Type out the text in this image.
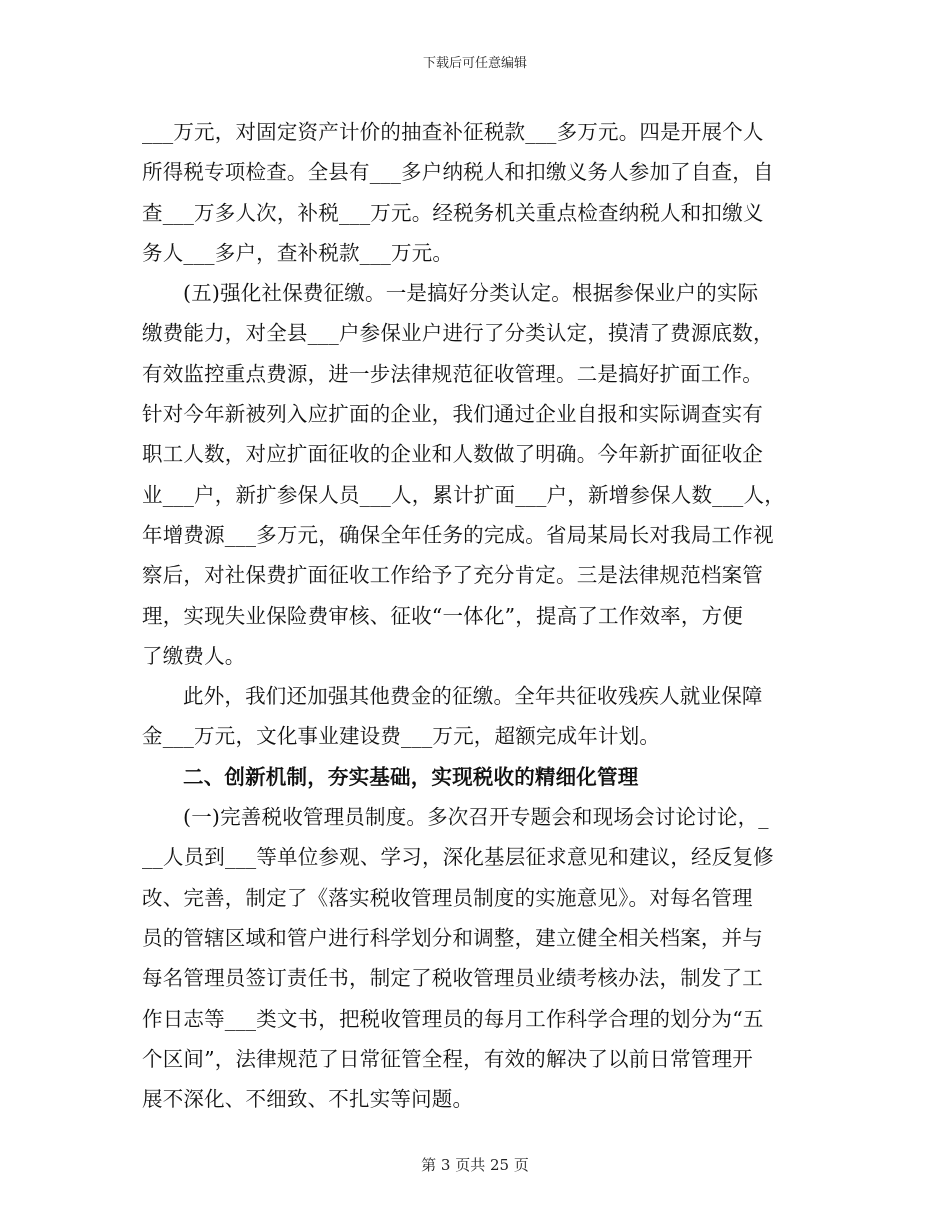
下载后可任意编辑
___万元，对固定资产计价的抽查补征税款___多万元。四是开展个人
所得税专项检查。全县有___多户纳税人和扣缴义务人参加了自查，自
查___万多人次，补税___万元。经税务机关重点检查纳税人和扣缴义
务人___多户，查补税款___万元。
(五)强化社保费征缴。一是搞好分类认定。根据参保业户的实际
缴费能力，对全县___户参保业户进行了分类认定，摸清了费源底数，
有效监控重点费源，进一步法律规范征收管理。二是搞好扩面工作。
针对今年新被列入应扩面的企业，我们通过企业自报和实际调查实有
职工人数，对应扩面征收的企业和人数做了明确。今年新扩面征收企
业___户，新扩参保人员___人，累计扩面___户，新增参保人数___人，
年增费源___多万元，确保全年任务的完成。省局某局长对我局工作视
察后，对社保费扩面征收工作给予了充分肯定。三是法律规范档案管
理，实现失业保险费审核、征收“一体化”，提高了工作效率，方便
了缴费人。
此外，我们还加强其他费金的征缴。全年共征收残疾人就业保障
金___万元，文化事业建设费___万元，超额完成年计划。
二、创新机制，夯实基础，实现税收的精细化管理
(一)完善税收管理员制度。多次召开专题会和现场会讨论讨论，_
__人员到___等单位参观、学习，深化基层征求意见和建议，经反复修
改、完善，制定了《落实税收管理员制度的实施意见》。对每名管理
员的管辖区域和管户进行科学划分和调整，建立健全相关档案，并与
每名管理员签订责任书，制定了税收管理员业绩考核办法，制发了工
作日志等___类文书，把税收管理员的每月工作科学合理的划分为“五
个区间”，法律规范了日常征管全程，有效的解决了以前日常管理开
展不深化、不细致、不扎实等问题。
第 3 页共 25 页
